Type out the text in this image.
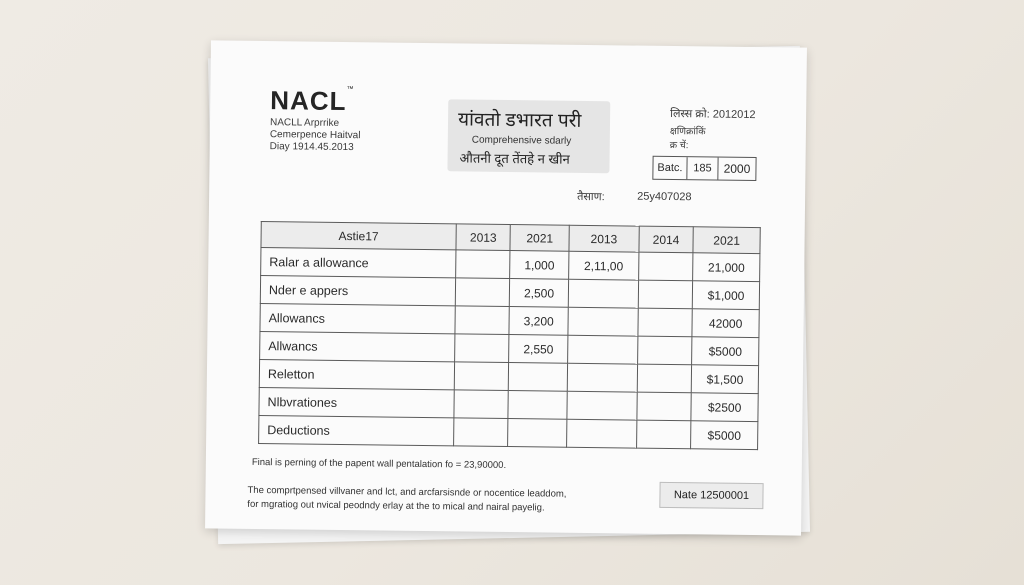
NACL™
NACLL Arprrike
Cemerpence Haitval
Diay 1914.45.2013
यांवतो डभारत परी
Comprehensive sdarly
औतनी दूत तेंतहे न खीन
लिस्स क्रो: 2012012
क्षणिक्रांकिं
क्र चें:
Batc. 185 2000
तैसाण:	25y407028
Astie17	2013	2021	2013	2014	2021
Ralar a allowance		1,000	2,11,00		21,000
Nder e appers		2,500			$1,000
Allowancs		3,200			42000
Allwancs		2,550			$5000
Reletton					$1,500
Nlbvrationes					$2500
Deductions					$5000
Final is perning of the papent wall pentalation fo = 23,90000.
The comprtpensed villvaner and lct, and arcfarsisnde or nocentice leaddom,
for mgratiog out nvical peodndy erlay at the to mical and nairal payelig.
Nate 12500001
